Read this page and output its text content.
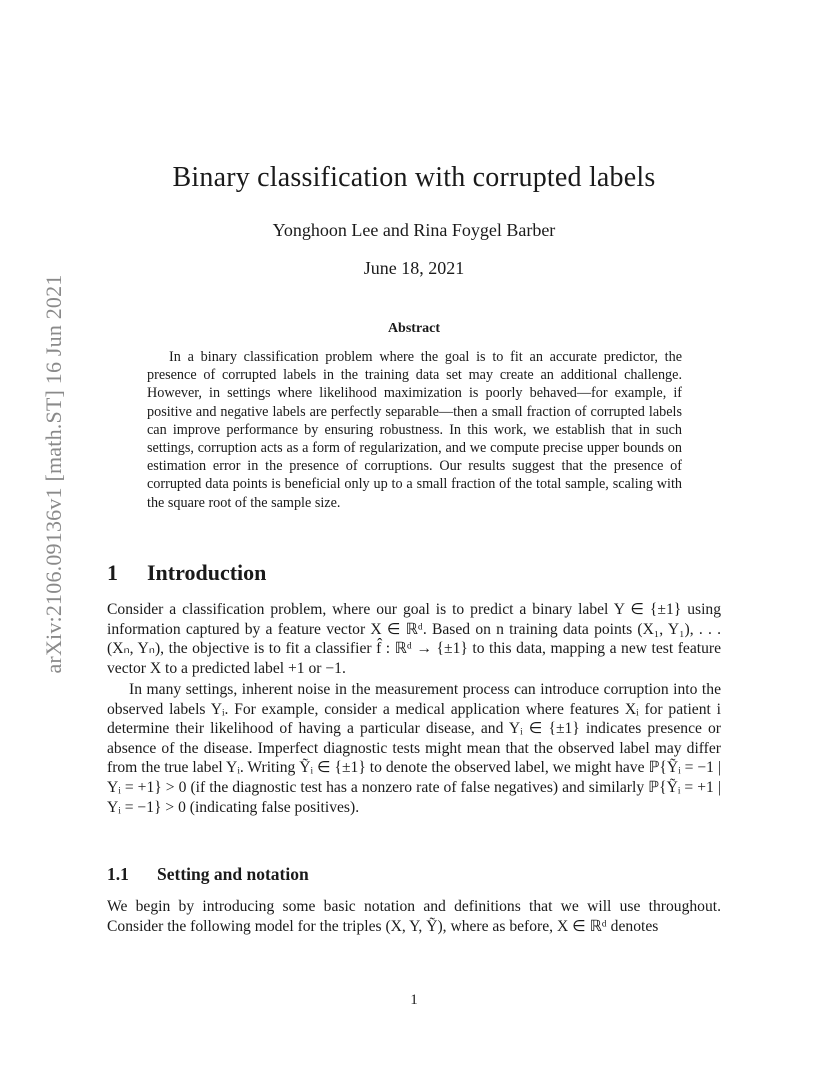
arXiv:2106.09136v1 [math.ST] 16 Jun 2021
Binary classification with corrupted labels
Yonghoon Lee and Rina Foygel Barber
June 18, 2021
Abstract

In a binary classification problem where the goal is to fit an accurate predictor, the presence of corrupted labels in the training data set may create an additional challenge. However, in settings where likelihood maximization is poorly behaved—for example, if positive and negative labels are perfectly separable—then a small fraction of corrupted labels can improve performance by ensuring robustness. In this work, we establish that in such settings, corruption acts as a form of regularization, and we compute precise upper bounds on estimation error in the presence of corruptions. Our results suggest that the presence of corrupted data points is beneficial only up to a small fraction of the total sample, scaling with the square root of the sample size.

1 Introduction

Consider a classification problem, where our goal is to predict a binary label Y ∈ {±1} using information captured by a feature vector X ∈ ℝᵈ. Based on n training data points (X₁, Y₁), . . . (Xₙ, Yₙ), the objective is to fit a classifier f̂ : ℝᵈ → {±1} to this data, mapping a new test feature vector X to a predicted label +1 or −1.

In many settings, inherent noise in the measurement process can introduce corruption into the observed labels Yᵢ. For example, consider a medical application where features Xᵢ for patient i determine their likelihood of having a particular disease, and Yᵢ ∈ {±1} indicates presence or absence of the disease. Imperfect diagnostic tests might mean that the observed label may differ from the true label Yᵢ. Writing Ỹᵢ ∈ {±1} to denote the observed label, we might have ℙ{Ỹᵢ = −1 | Yᵢ = +1} > 0 (if the diagnostic test has a nonzero rate of false negatives) and similarly ℙ{Ỹᵢ = +1 | Yᵢ = −1} > 0 (indicating false positives).

1.1 Setting and notation

We begin by introducing some basic notation and definitions that we will use throughout. Consider the following model for the triples (X, Y, Ỹ), where as before, X ∈ ℝᵈ denotes

1
